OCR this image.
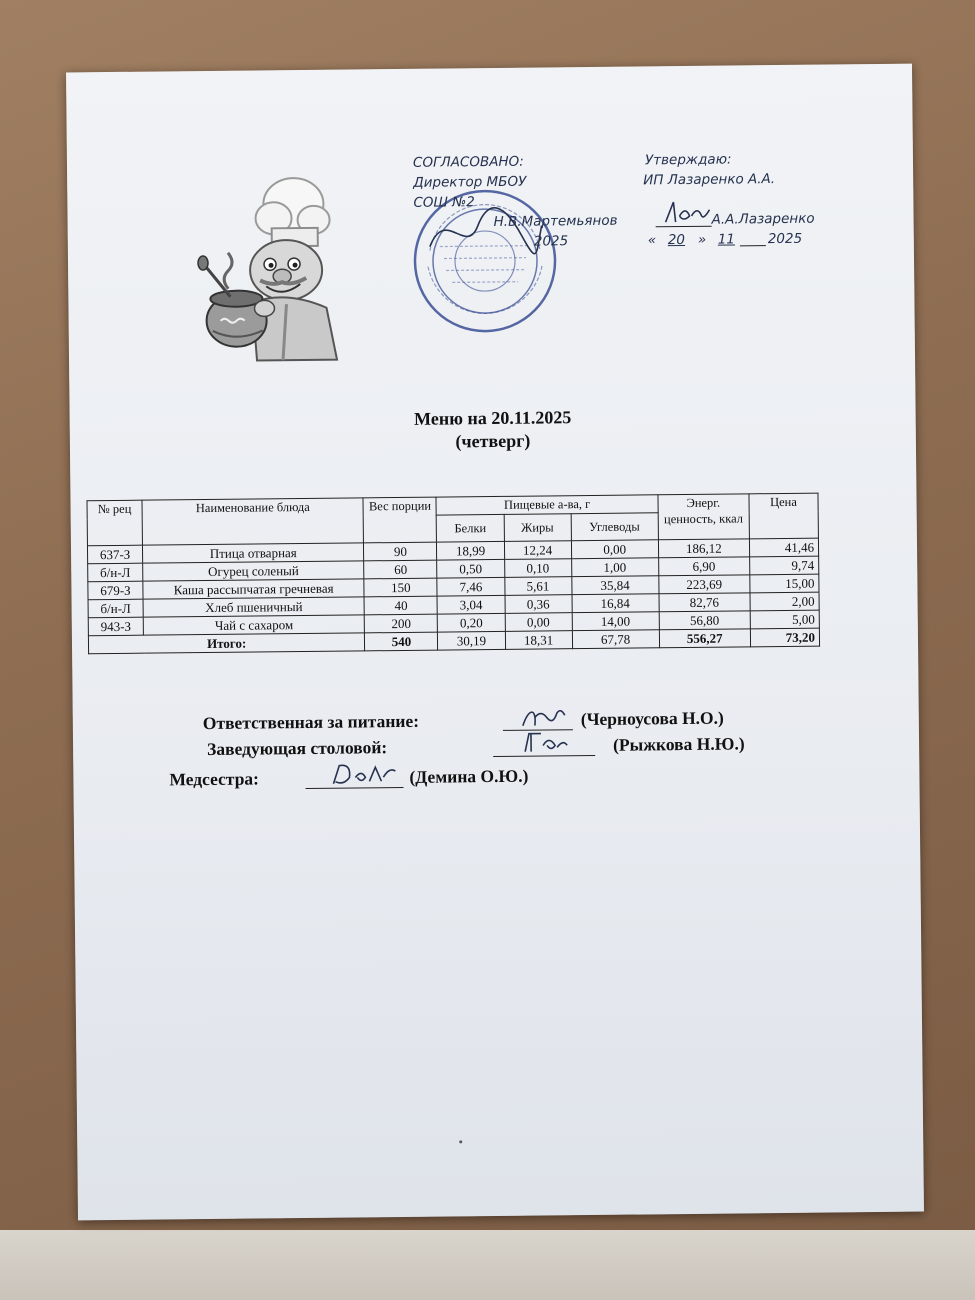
СОГЛАСОВАНО:
Директор МБОУ
СОШ №2
Н.В.Мартемьянов
2025
Утверждаю:
ИП Лазаренко А.А.
А.А.Лазаренко
« 20 » 11 2025
Меню на 20.11.2025
(четверг)
№ рец	Наименование блюда	Вес порции	Пищевые а-ва, г			Энерг. ценность, ккал	Цена
			Белки	Жиры	Углеводы		
637-З	Птица отварная	90	18,99	12,24	0,00	186,12	41,46
б/н-Л	Огурец соленый	60	0,50	0,10	1,00	6,90	9,74
679-З	Каша рассыпчатая гречневая	150	7,46	5,61	35,84	223,69	15,00
б/н-Л	Хлеб пшеничный	40	3,04	0,36	16,84	82,76	2,00
943-З	Чай с сахаром	200	0,20	0,00	14,00	56,80	5,00
Итого:		540	30,19	18,31	67,78	556,27	73,20
Ответственная за питание:	(Черноусова Н.О.)
Заведующая столовой:	(Рыжкова Н.Ю.)
Медсестра:	(Демина О.Ю.)
